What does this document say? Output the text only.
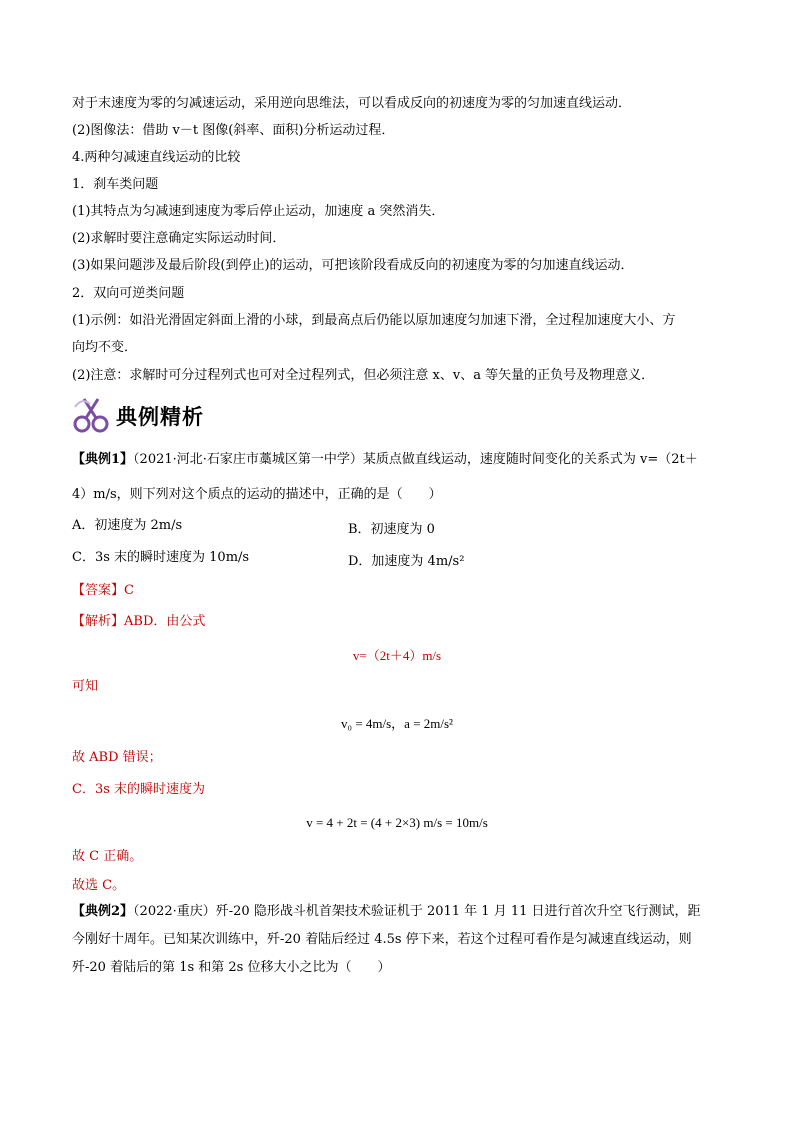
对于末速度为零的匀减速运动，采用逆向思维法，可以看成反向的初速度为零的匀加速直线运动．
(2)图像法：借助 v－t 图像(斜率、面积)分析运动过程．
4.两种匀减速直线运动的比较
1．刹车类问题
(1)其特点为匀减速到速度为零后停止运动，加速度 a 突然消失．
(2)求解时要注意确定实际运动时间．
(3)如果问题涉及最后阶段(到停止)的运动，可把该阶段看成反向的初速度为零的匀加速直线运动．
2．双向可逆类问题
(1)示例：如沿光滑固定斜面上滑的小球，到最高点后仍能以原加速度匀加速下滑，全过程加速度大小、方
向均不变．
(2)注意：求解时可分过程列式也可对全过程列式，但必须注意 x、v、a 等矢量的正负号及物理意义．
典例精析
【典例1】（2021·河北·石家庄市藁城区第一中学）某质点做直线运动，速度随时间变化的关系式为 v=（2t＋
4）m/s，则下列对这个质点的运动的描述中，正确的是（　　）
A．初速度为 2m/s	B．初速度为 0
C．3s 末的瞬时速度为 10m/s	D．加速度为 4m/s²
【答案】C
【解析】ABD．由公式
v=（2t＋4）m/s
可知
v₀ = 4m/s，a = 2m/s²
故 ABD 错误；
C．3s 末的瞬时速度为
v = 4 + 2t = (4 + 2×3) m/s = 10m/s
故 C 正确。
故选 C。
【典例2】（2022·重庆）歼-20 隐形战斗机首架技术验证机于 2011 年 1 月 11 日进行首次升空飞行测试，距
今刚好十周年。已知某次训练中，歼-20 着陆后经过 4.5s 停下来，若这个过程可看作是匀减速直线运动，则
歼-20 着陆后的第 1s 和第 2s 位移大小之比为（　　）
